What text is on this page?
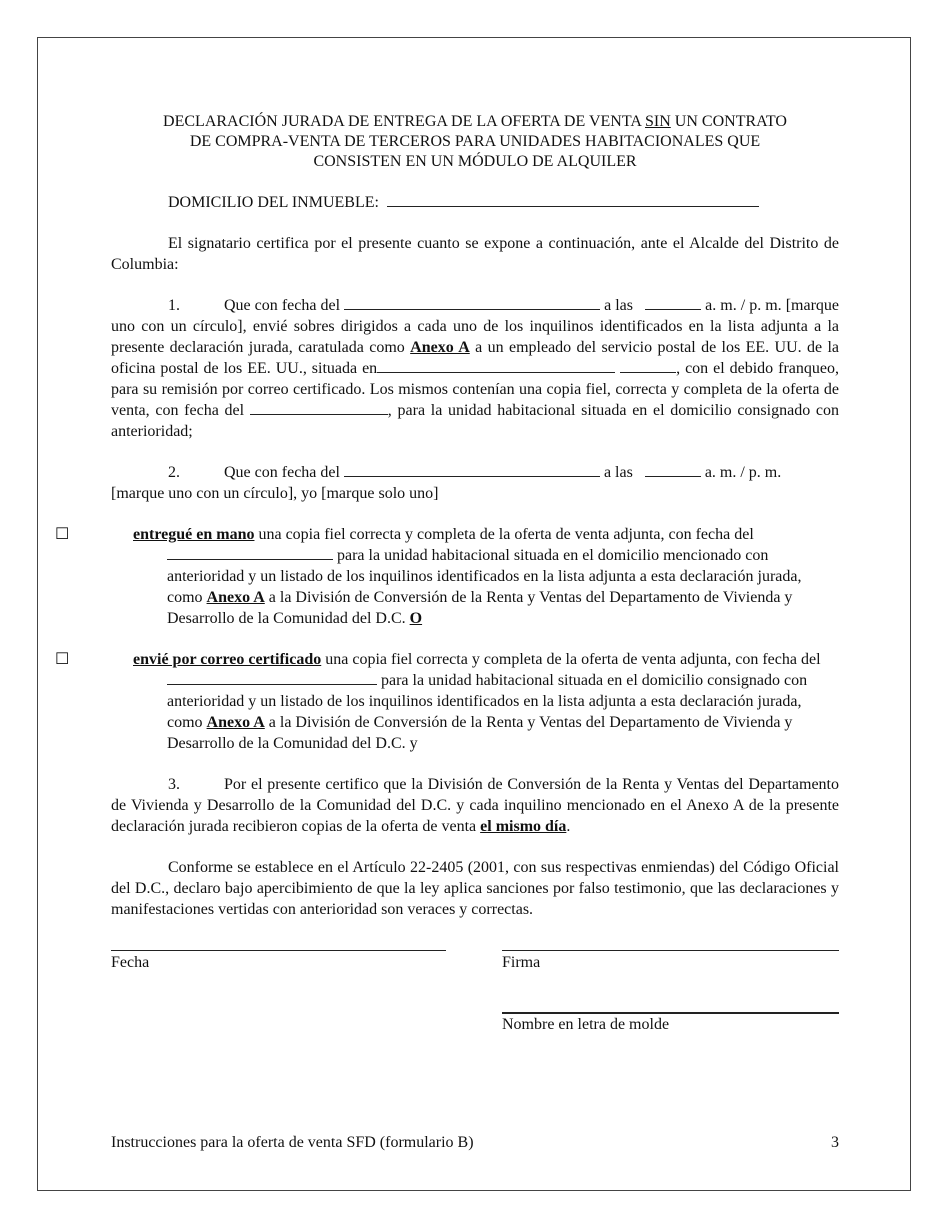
DECLARACIÓN JURADA DE ENTREGA DE LA OFERTA DE VENTA SIN UN CONTRATO
DE COMPRA-VENTA DE TERCEROS PARA UNIDADES HABITACIONALES QUE
CONSISTEN EN UN MÓDULO DE ALQUILER
DOMICILIO DEL INMUEBLE:
El signatario certifica por el presente cuanto se expone a continuación, ante el Alcalde del Distrito de Columbia:
1.	Que con fecha del	a las	a. m. / p. m. [marque uno con un círculo], envié sobres dirigidos a cada uno de los inquilinos identificados en la lista adjunta a la presente declaración jurada, caratulada como Anexo A a un empleado del servicio postal de los EE. UU. de la oficina postal de los EE. UU., situada en	, con el debido franqueo, para su remisión por correo certificado. Los mismos contenían una copia fiel, correcta y completa de la oferta de venta, con fecha del	, para la unidad habitacional situada en el domicilio consignado con anterioridad;
2.	Que con fecha del	a las	a. m. / p. m.
[marque uno con un círculo], yo [marque solo uno]
☐	entregué en mano una copia fiel correcta y completa de la oferta de venta adjunta, con fecha del  para la unidad habitacional situada en el domicilio mencionado con anterioridad y un listado de los inquilinos identificados en la lista adjunta a esta declaración jurada, como Anexo A a la División de Conversión de la Renta y Ventas del Departamento de Vivienda y Desarrollo de la Comunidad del D.C. O
☐	envié por correo certificado una copia fiel correcta y completa de la oferta de venta adjunta, con fecha del  para la unidad habitacional situada en el domicilio consignado con anterioridad y un listado de los inquilinos identificados en la lista adjunta a esta declaración jurada, como Anexo A a la División de Conversión de la Renta y Ventas del Departamento de Vivienda y Desarrollo de la Comunidad del D.C. y
3.	Por el presente certifico que la División de Conversión de la Renta y Ventas del Departamento de Vivienda y Desarrollo de la Comunidad del D.C. y cada inquilino mencionado en el Anexo A de la presente declaración jurada recibieron copias de la oferta de venta el mismo día.
Conforme se establece en el Artículo 22-2405 (2001, con sus respectivas enmiendas) del Código Oficial del D.C., declaro bajo apercibimiento de que la ley aplica sanciones por falso testimonio, que las declaraciones y manifestaciones vertidas con anterioridad son veraces y correctas.
Fecha	Firma
Nombre en letra de molde
Instrucciones para la oferta de venta SFD (formulario B)	3
